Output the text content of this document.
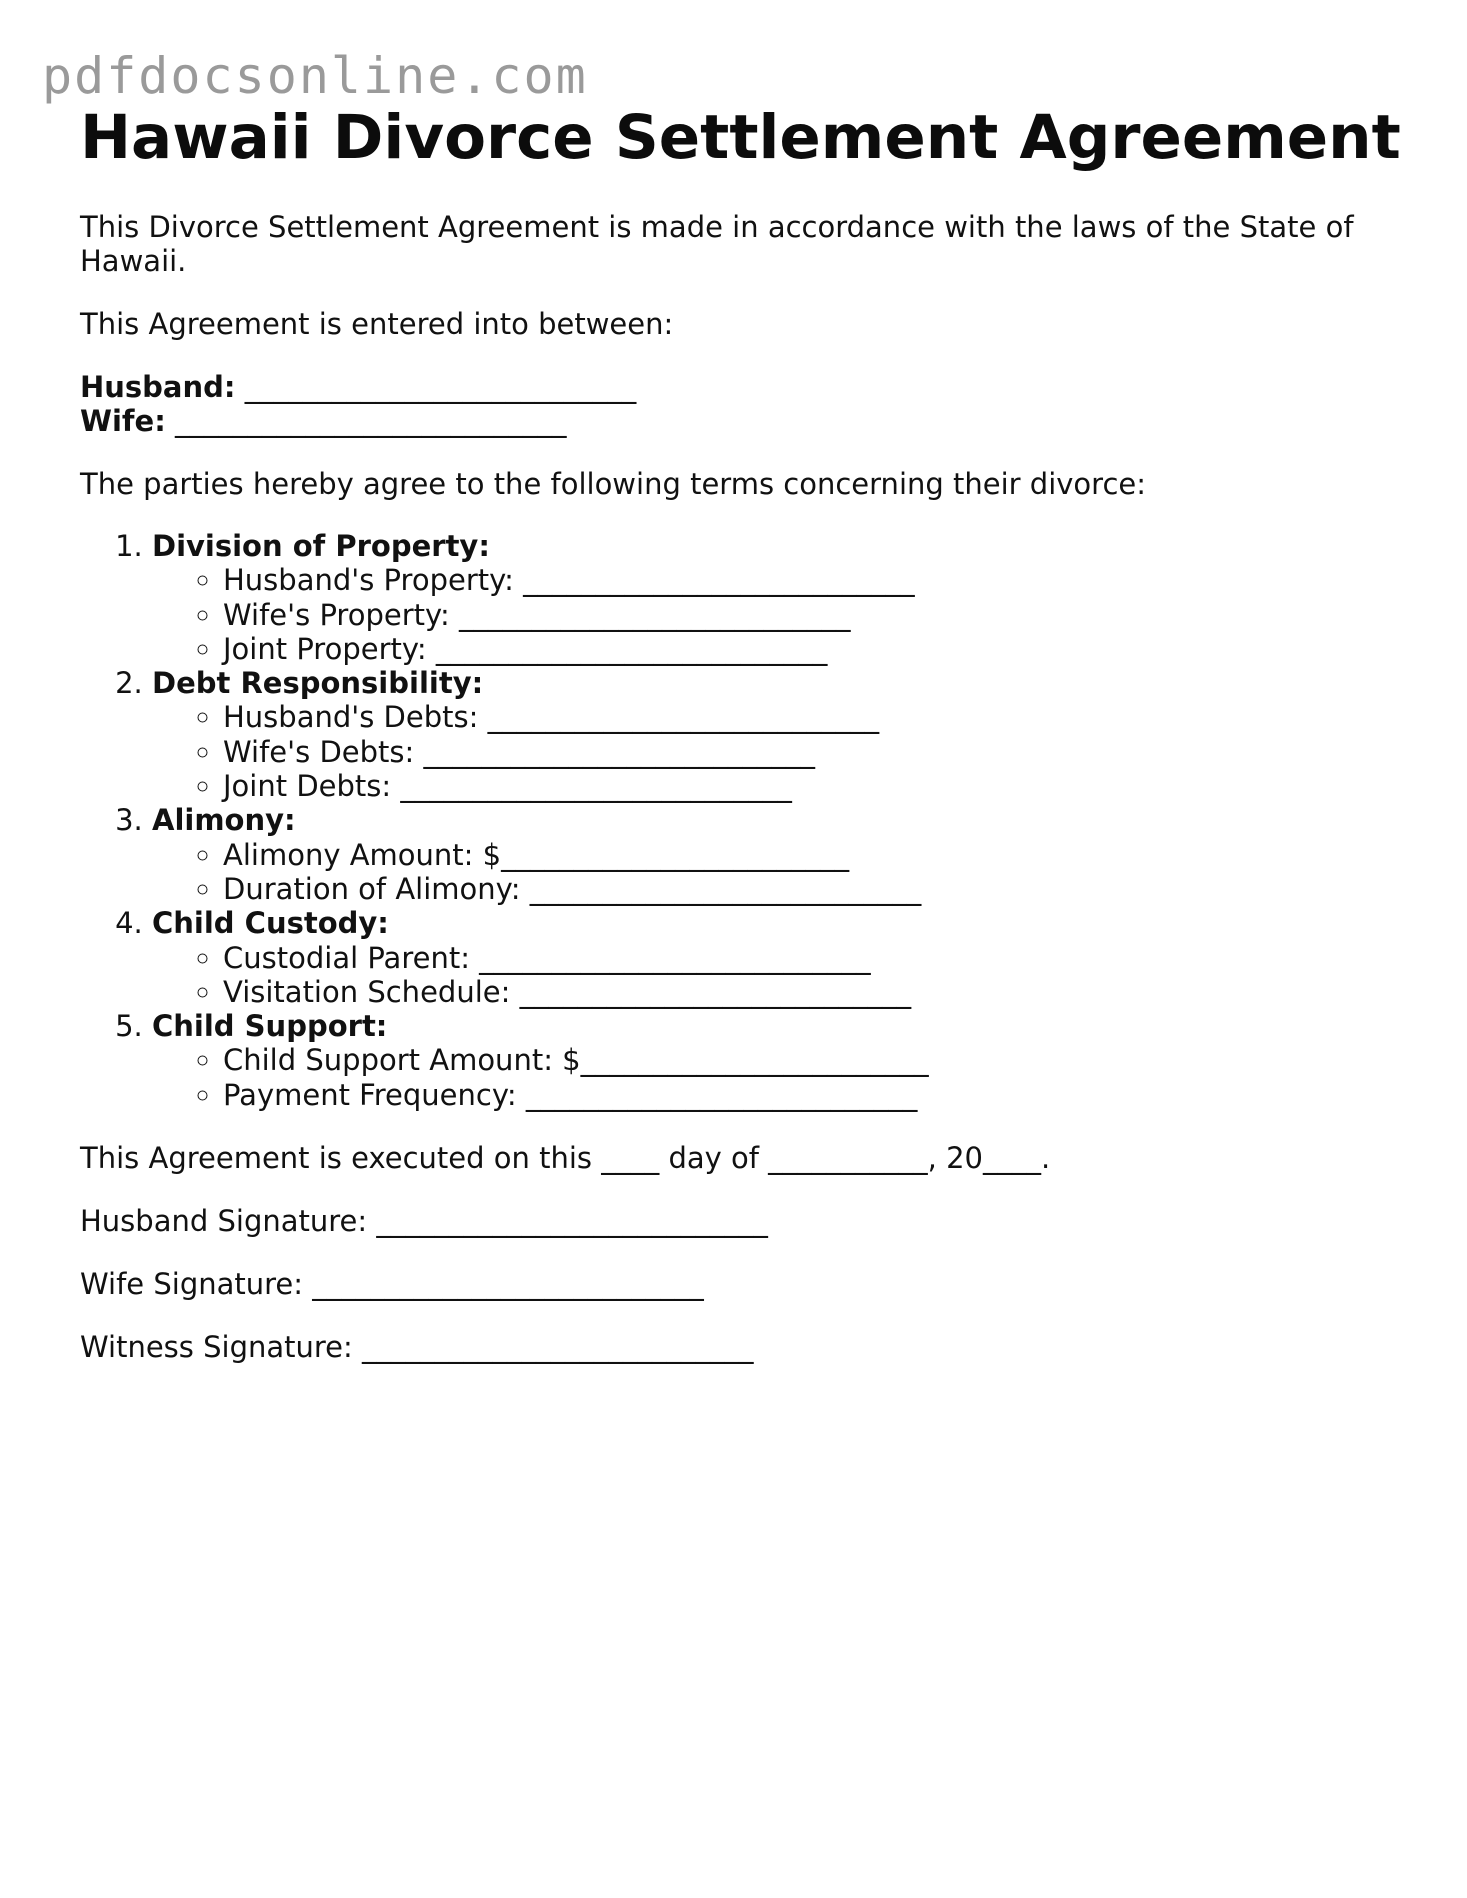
pdfdocsonline.com
Hawaii Divorce Settlement Agreement

This Divorce Settlement Agreement is made in accordance with the laws of the State of Hawaii.

This Agreement is entered into between:

Husband: ___________________________
Wife: ___________________________

The parties hereby agree to the following terms concerning their divorce:

1. Division of Property:
◦ Husband's Property: ___________________________
◦ Wife's Property: ___________________________
◦ Joint Property: ___________________________
2. Debt Responsibility:
◦ Husband's Debts: ___________________________
◦ Wife's Debts: ___________________________
◦ Joint Debts: ___________________________
3. Alimony:
◦ Alimony Amount: $________________________
◦ Duration of Alimony: ___________________________
4. Child Custody:
◦ Custodial Parent: ___________________________
◦ Visitation Schedule: ___________________________
5. Child Support:
◦ Child Support Amount: $________________________
◦ Payment Frequency: ___________________________

This Agreement is executed on this ____ day of ___________, 20____.

Husband Signature: ___________________________

Wife Signature: ___________________________

Witness Signature: ___________________________
